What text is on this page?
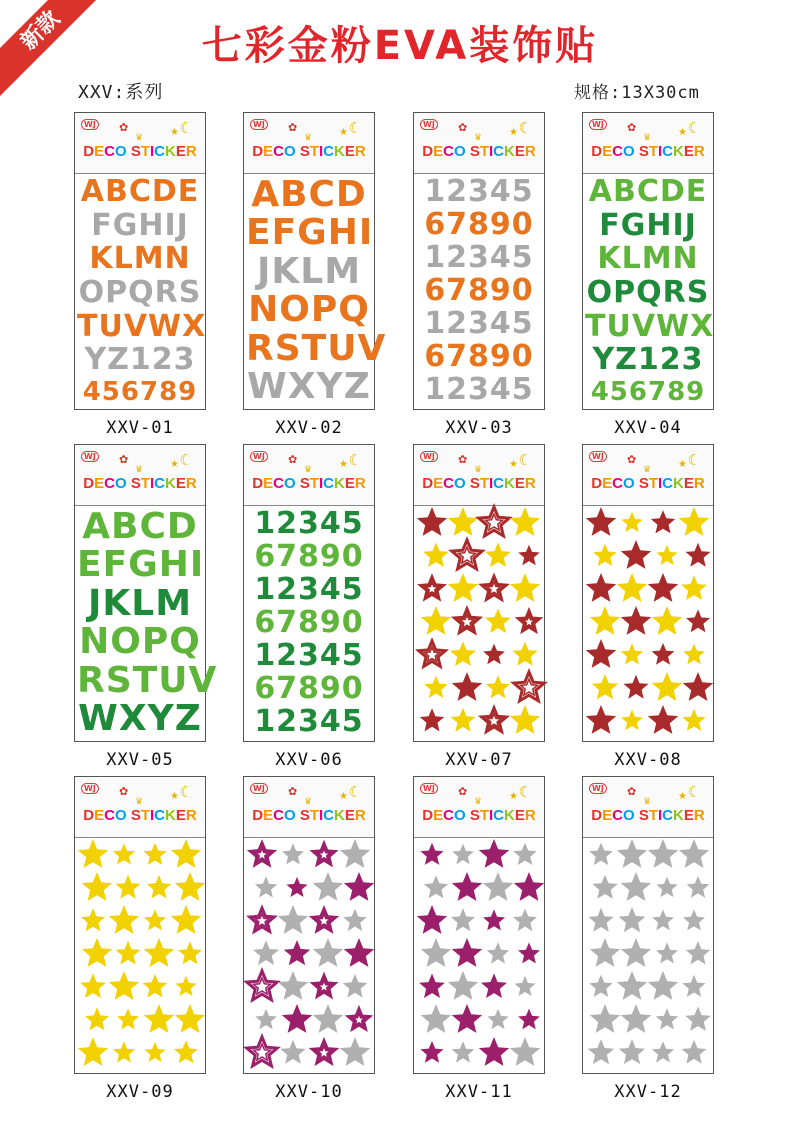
新款	七彩金粉EVA装饰贴
XXV:系列	规格:13X30cm
WJ ✿
♛	★ ☾
DECO STICKER
ABCDE
FGHIJ
KLMN
OPQRS
TUVWX
YZ123
456789
XXV-01
WJ ✿
♛	★ ☾
DECO STICKER
ABCD
EFGHI
JKLM
NOPQ
RSTUV
WXYZ
XXV-02
WJ ✿
♛	★ ☾
DECO STICKER
12345
67890
12345
67890
12345
67890
12345
XXV-03
WJ ✿
♛	★ ☾
DECO STICKER
ABCDE
FGHIJ
KLMN
OPQRS
TUVWX
YZ123
456789
XXV-04
WJ ✿
♛	★ ☾
DECO STICKER
ABCD
EFGHI
JKLM
NOPQ
RSTUV
WXYZ
XXV-05
WJ ✿
♛	★ ☾
DECO STICKER
12345
67890
12345
67890
12345
67890
12345
XXV-06
WJ ✿
♛	★ ☾
DECO STICKER
XXV-07
WJ ✿
♛	★ ☾
DECO STICKER
XXV-08
WJ ✿
♛	★ ☾
DECO STICKER
XXV-09
WJ ✿
♛	★ ☾
DECO STICKER
XXV-10
WJ ✿
♛	★ ☾
DECO STICKER
XXV-11
WJ ✿
♛	★ ☾
DECO STICKER
XXV-12
